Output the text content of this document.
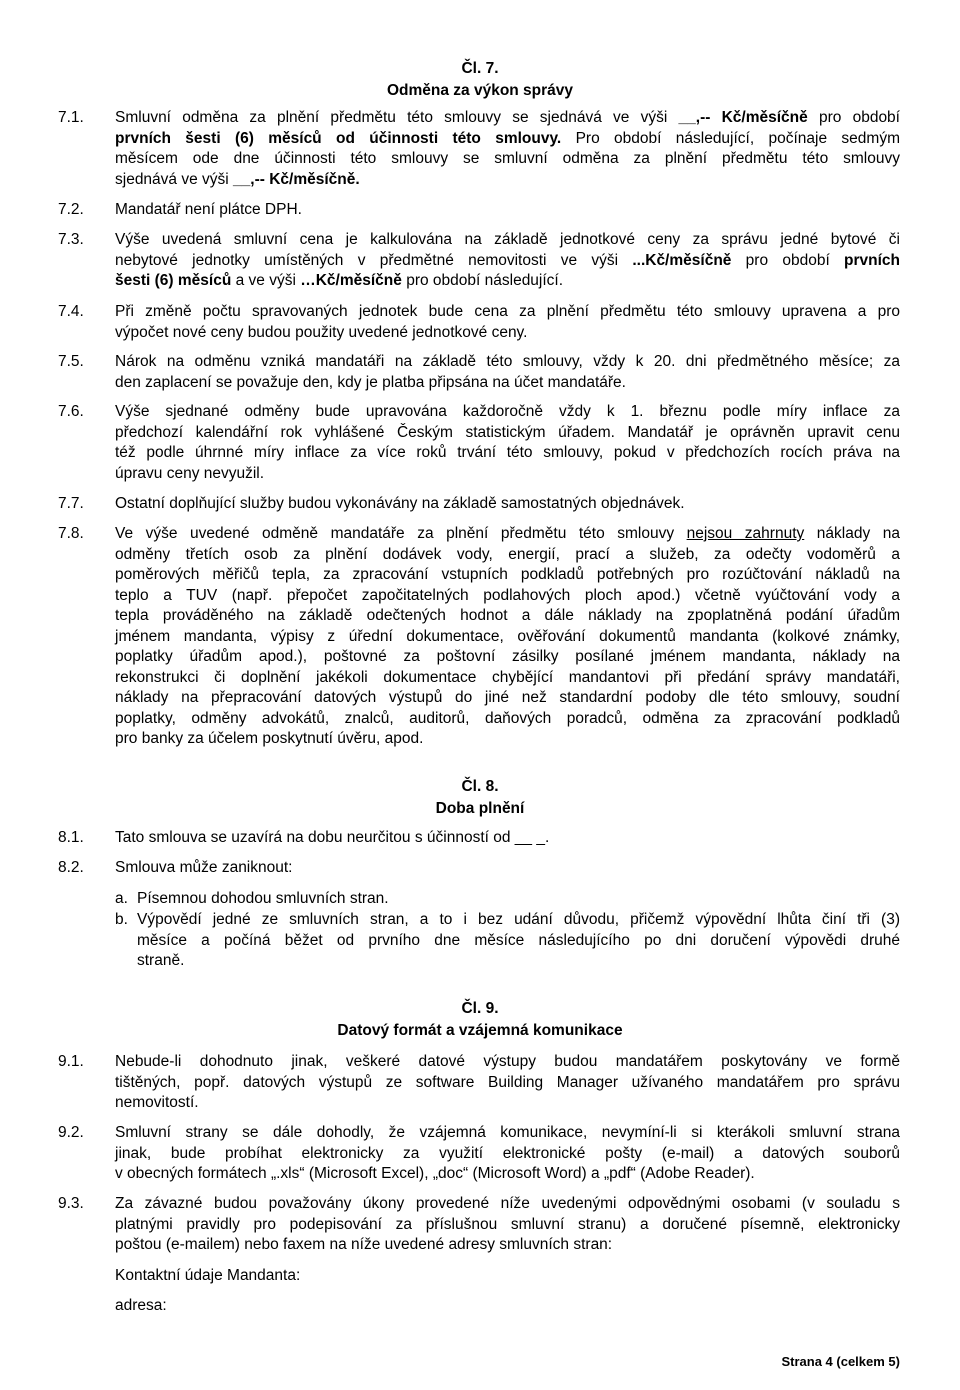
Čl. 7.
Odměna za výkon správy
7.1.	Smluvní odměna za plnění předmětu této smlouvy se sjednává ve výši __,-- Kč/měsíčně pro období
prvních šesti (6) měsíců od účinnosti této smlouvy. Pro období následující, počínaje sedmým
měsícem ode dne účinnosti této smlouvy se smluvní odměna za plnění předmětu této smlouvy
sjednává ve výši __,-- Kč/měsíčně.
7.2.	Mandatář není plátce DPH.
7.3.	Výše uvedená smluvní cena je kalkulována na základě jednotkové ceny za správu jedné bytové či
nebytové jednotky umístěných v předmětné nemovitosti ve výši ...Kč/měsíčně pro období prvních
šesti (6) měsíců a ve výši …Kč/měsíčně pro období následující.
7.4.	Při změně počtu spravovaných jednotek bude cena za plnění předmětu této smlouvy upravena a pro
výpočet nové ceny budou použity uvedené jednotkové ceny.
7.5.	Nárok na odměnu vzniká mandatáři na základě této smlouvy, vždy k 20. dni předmětného měsíce; za
den zaplacení se považuje den, kdy je platba připsána na účet mandatáře.
7.6.	Výše sjednané odměny bude upravována každoročně vždy k 1. březnu podle míry inflace za
předchozí kalendářní rok vyhlášené Českým statistickým úřadem. Mandatář je oprávněn upravit cenu
též podle úhrnné míry inflace za více roků trvání této smlouvy, pokud v předchozích rocích práva na
úpravu ceny nevyužil.
7.7.	Ostatní doplňující služby budou vykonávány na základě samostatných objednávek.
7.8.	Ve výše uvedené odměně mandatáře za plnění předmětu této smlouvy nejsou zahrnuty náklady na
odměny třetích osob za plnění dodávek vody, energií, prací a služeb, za odečty vodoměrů a
poměrových měřičů tepla, za zpracování vstupních podkladů potřebných pro rozúčtování nákladů na
teplo a TUV (např. přepočet započitatelných podlahových ploch apod.) včetně vyúčtování vody a
tepla prováděného na základě odečtených hodnot a dále náklady na zpoplatněná podání úřadům
jménem mandanta, výpisy z úřední dokumentace, ověřování dokumentů mandanta (kolkové známky,
poplatky úřadům apod.), poštovné za poštovní zásilky posílané jménem mandanta, náklady na
rekonstrukci či doplnění jakékoli dokumentace chybějící mandantovi při předání správy mandatáři,
náklady na přepracování datových výstupů do jiné než standardní podoby dle této smlouvy, soudní
poplatky, odměny advokátů, znalců, auditorů, daňových poradců, odměna za zpracování podkladů
pro banky za účelem poskytnutí úvěru, apod.
Čl. 8.
Doba plnění
8.1.	Tato smlouva se uzavírá na dobu neurčitou s účinností od __ _.
8.2.	Smlouva může zaniknout:
a. Písemnou dohodou smluvních stran.
b. Výpovědí jedné ze smluvních stran, a to i bez udání důvodu, přičemž výpovědní lhůta činí tři (3)
měsíce a počíná běžet od prvního dne měsíce následujícího po dni doručení výpovědi druhé
straně.
Čl. 9.
Datový formát a vzájemná komunikace
9.1.	Nebude-li dohodnuto jinak, veškeré datové výstupy budou mandatářem poskytovány ve formě
tištěných, popř. datových výstupů ze software Building Manager užívaného mandatářem pro správu
nemovitostí.
9.2.	Smluvní strany se dále dohodly, že vzájemná komunikace, nevymíní-li si kterákoli smluvní strana
jinak, bude probíhat elektronicky za využití elektronické pošty (e-mail) a datových souborů
v obecných formátech „.xls“ (Microsoft Excel), „doc“ (Microsoft Word) a „pdf“ (Adobe Reader).
9.3.	Za závazné budou považovány úkony provedené níže uvedenými odpovědnými osobami (v souladu s
platnými pravidly pro podepisování za příslušnou smluvní stranu) a doručené písemně, elektronicky
poštou (e-mailem) nebo faxem na níže uvedené adresy smluvních stran:
Kontaktní údaje Mandanta:
adresa:
Strana 4 (celkem 5)
